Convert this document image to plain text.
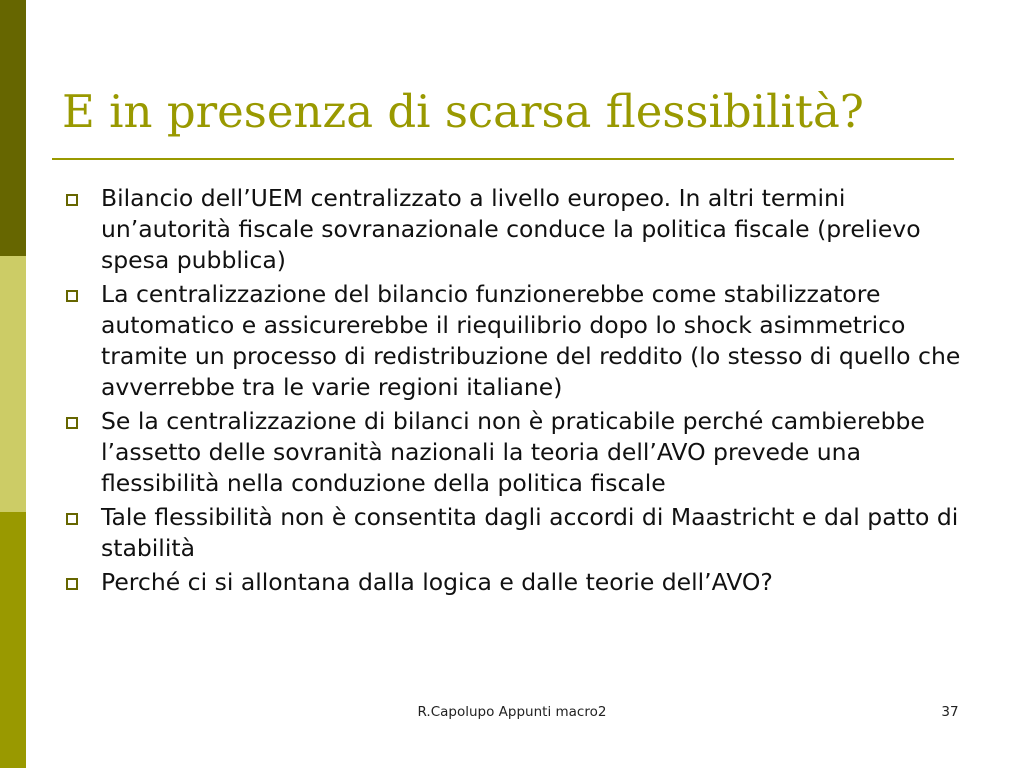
E in presenza di scarsa flessibilità?
Bilancio dell’UEM centralizzato a livello europeo. In altri termini un’autorità fiscale sovranazionale conduce la politica fiscale (prelievo spesa pubblica)
La centralizzazione del bilancio funzionerebbe come stabilizzatore automatico e assicurerebbe il riequilibrio dopo lo shock asimmetrico tramite un processo di redistribuzione del reddito (lo stesso di quello che avverrebbe tra le varie regioni italiane)
Se la centralizzazione di bilanci non è praticabile perché cambierebbe l’assetto delle sovranità nazionali la teoria dell’AVO prevede una flessibilità nella conduzione della politica fiscale
Tale flessibilità non è consentita dagli accordi di Maastricht e dal patto di stabilità
Perché ci si allontana dalla logica e dalle teorie dell’AVO?
R.Capolupo Appunti macro2	37
